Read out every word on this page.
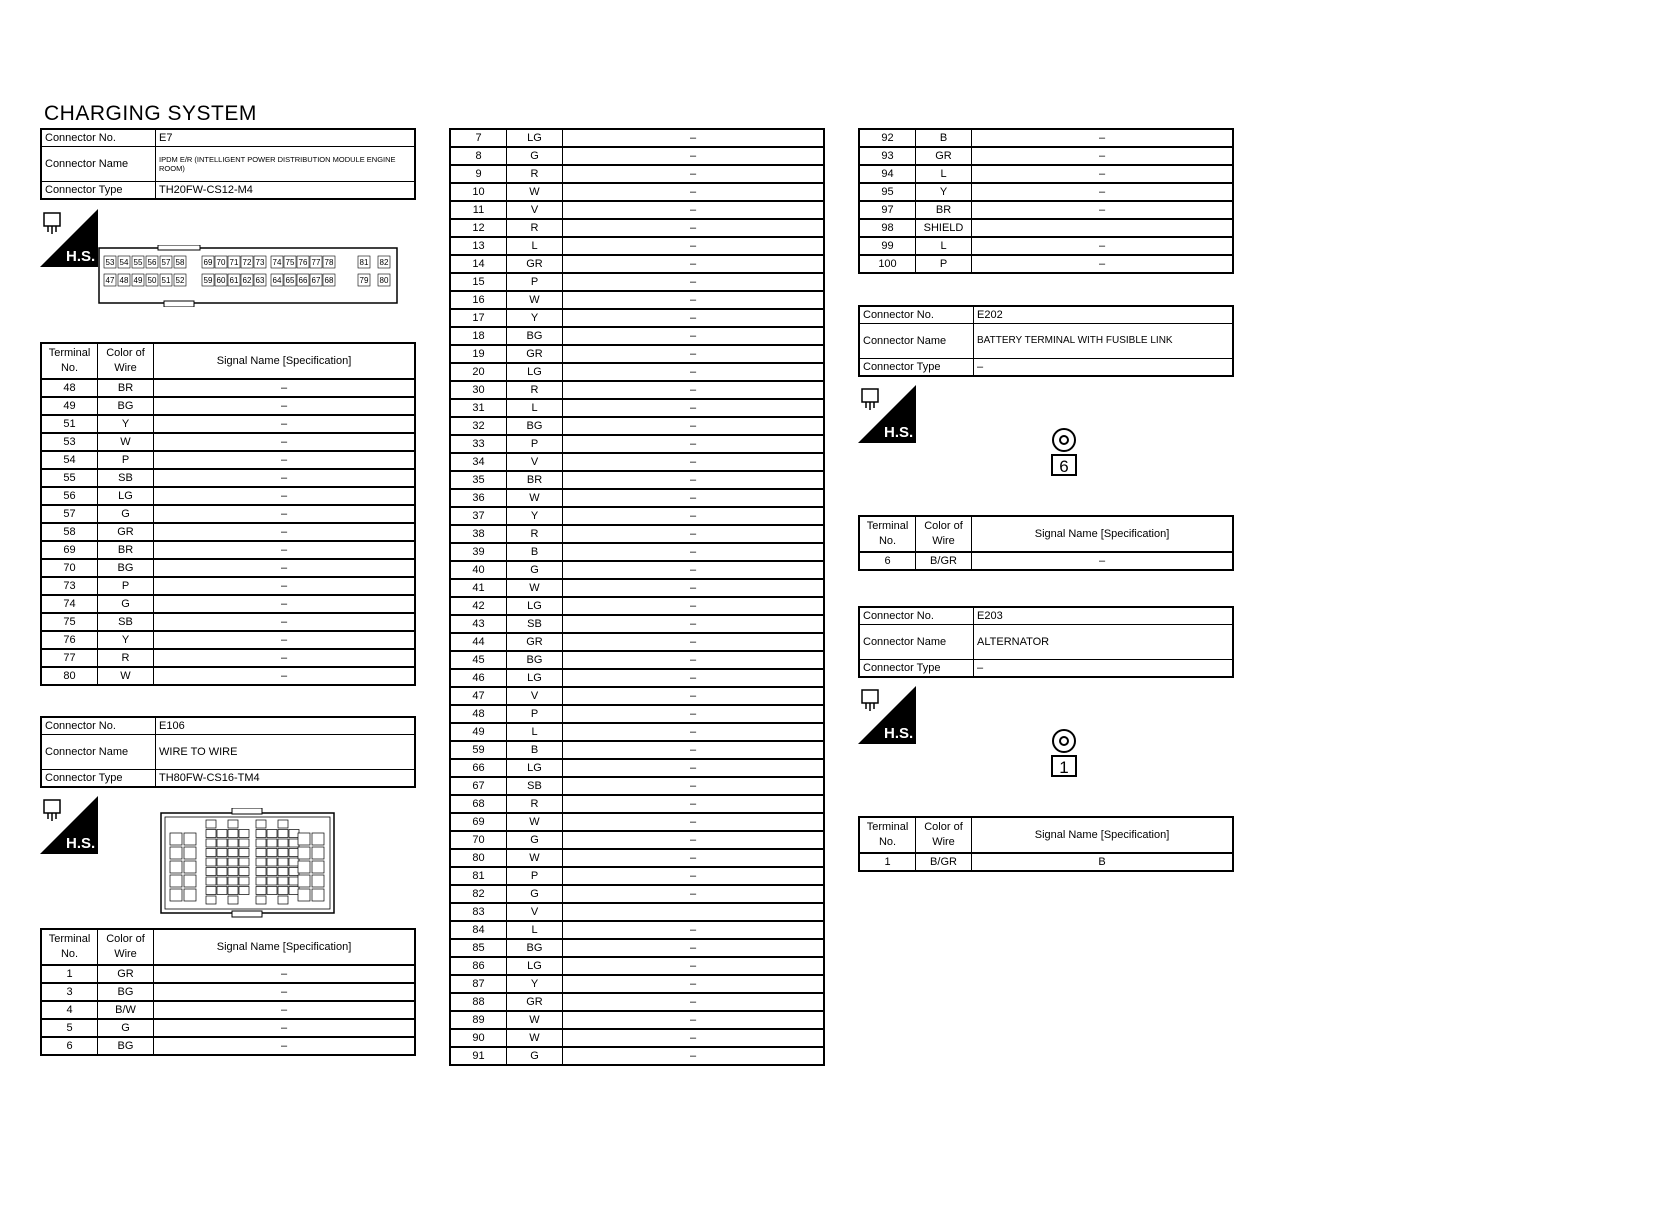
CHARGING SYSTEM
Connector No.	E7
Connector Name	IPDM E/R (INTELLIGENT POWER DISTRIBUTION MODULE ENGINE ROOM)
Connector Type	TH20FW-CS12-M4
H.S. 53
47
54
48
55
49
56
50
57
51
58
52
69
59
70
60
71
61
72
62
73
63
74
64
75
65
76
66
77
67
78
68
81
79
82
80
Terminal No.	Color of Wire	Signal Name [Specification]
48	BR	–
49	BG	–
51	Y	–
53	W	–
54	P	–
55	SB	–
56	LG	–
57	G	–
58	GR	–
69	BR	–
70	BG	–
73	P	–
74	G	–
75	SB	–
76	Y	–
77	R	–
80	W	–
Connector No.	E106
Connector Name	WIRE TO WIRE
Connector Type	TH80FW-CS16-TM4
H.S.
Terminal No.	Color of Wire	Signal Name [Specification]
1	GR	–
3	BG	–
4	B/W	–
5	G	–
6	BG	–
7	LG	–
8	G	–
9	R	–
10	W	–
11	V	–
12	R	–
13	L	–
14	GR	–
15	P	–
16	W	–
17	Y	–
18	BG	–
19	GR	–
20	LG	–
30	R	–
31	L	–
32	BG	–
33	P	–
34	V	–
35	BR	–
36	W	–
37	Y	–
38	R	–
39	B	–
40	G	–
41	W	–
42	LG	–
43	SB	–
44	GR	–
45	BG	–
46	LG	–
47	V	–
48	P	–
49	L	–
59	B	–
66	LG	–
67	SB	–
68	R	–
69	W	–
70	G	–
80	W	–
81	P	–
82	G	–
83	V	
84	L	–
85	BG	–
86	LG	–
87	Y	–
88	GR	–
89	W	–
90	W	–
91	G	–
92	B	–
93	GR	–
94	L	–
95	Y	–
97	BR	–
98	SHIELD	
99	L	–
100	P	–
Connector No.	E202
Connector Name	BATTERY TERMINAL WITH FUSIBLE LINK
Connector Type	–
H.S.
6
Terminal No.	Color of Wire	Signal Name [Specification]
6	B/GR	–
Connector No.	E203
Connector Name	ALTERNATOR
Connector Type	–
H.S.
1
Terminal No.	Color of Wire	Signal Name [Specification]
1	B/GR	B
